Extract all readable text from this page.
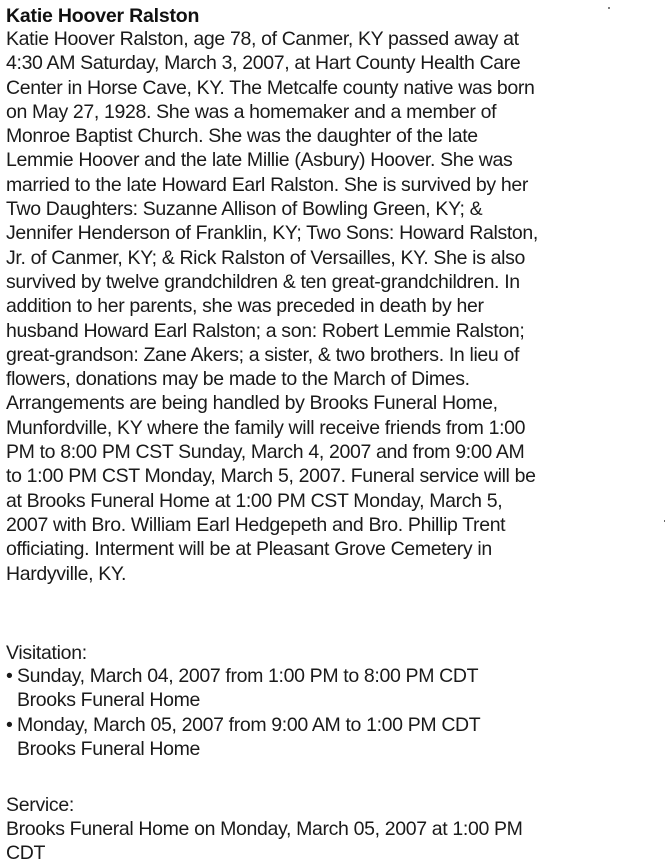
Katie Hoover Ralston
Katie Hoover Ralston, age 78, of Canmer, KY passed away at
4:30 AM Saturday, March 3, 2007, at Hart County Health Care
Center in Horse Cave, KY. The Metcalfe county native was born
on May 27, 1928. She was a homemaker and a member of
Monroe Baptist Church. She was the daughter of the late
Lemmie Hoover and the late Millie (Asbury) Hoover. She was
married to the late Howard Earl Ralston. She is survived by her
Two Daughters: Suzanne Allison of Bowling Green, KY; &
Jennifer Henderson of Franklin, KY; Two Sons: Howard Ralston,
Jr. of Canmer, KY; & Rick Ralston of Versailles, KY. She is also
survived by twelve grandchildren & ten great-grandchildren. In
addition to her parents, she was preceded in death by her
husband Howard Earl Ralston; a son: Robert Lemmie Ralston;
great-grandson: Zane Akers; a sister, & two brothers. In lieu of
flowers, donations may be made to the March of Dimes.
Arrangements are being handled by Brooks Funeral Home,
Munfordville, KY where the family will receive friends from 1:00
PM to 8:00 PM CST Sunday, March 4, 2007 and from 9:00 AM
to 1:00 PM CST Monday, March 5, 2007. Funeral service will be
at Brooks Funeral Home at 1:00 PM CST Monday, March 5,
2007 with Bro. William Earl Hedgepeth and Bro. Phillip Trent
officiating. Interment will be at Pleasant Grove Cemetery in
Hardyville, KY.
Visitation:
• Sunday, March 04, 2007 from 1:00 PM to 8:00 PM CDT
Brooks Funeral Home
• Monday, March 05, 2007 from 9:00 AM to 1:00 PM CDT
Brooks Funeral Home
Service:
Brooks Funeral Home on Monday, March 05, 2007 at 1:00 PM
CDT
